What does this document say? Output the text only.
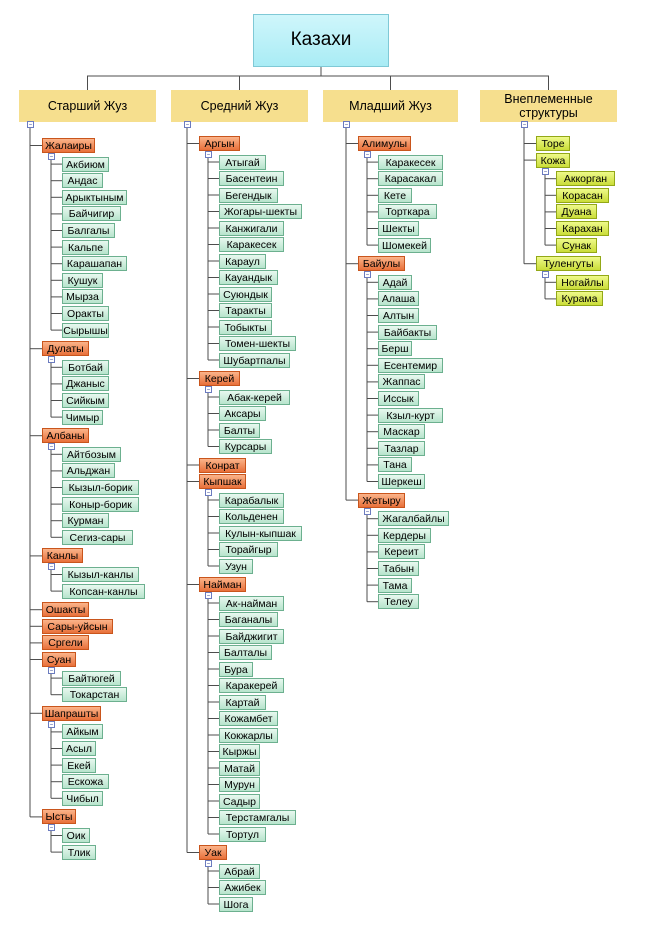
Казахи
Старший Жуз
–
Жалаиры
–
Акбиюм
Андас
Арыктыным
Байчигир
Балгалы
Кальпе
Карашапан
Кушук
Мырза
Оракты
Сырышы
Дулаты
–
Ботбай
Джаныс
Сийкым
Чимыр
Албаны
–
Айтбозым
Альджан
Кызыл-борик
Коныр-борик
Курман
Сегиз-сары
Канлы
–
Кызыл-канлы
Копсан-канлы
Ошакты
Сары-уйсын
Сргели
Суан
–
Байтюгей
Токарстан
Шапрашты
–
Айкым
Асыл
Екей
Ескожа
Чибыл
Ысты
–
Оик
Тлик
Средний Жуз
–
Аргын
–
Атыгай
Басентеин
Бегендык
Жогары-шекты
Канжигали
Каракесек
Караул
Кауандык
Суюндык
Таракты
Тобыкты
Томен-шекты
Шубартпалы
Керей
–
Абак-керей
Аксары
Балты
Курсары
Конрат
Кыпшак
–
Карабалык
Кольденен
Кулын-кыпшак
Торайгыр
Узун
Найман
–
Ак-найман
Баганалы
Байджигит
Балталы
Бура
Каракерей
Картай
Кожамбет
Кокжарлы
Кыржы
Матай
Мурун
Садыр
Терстамгалы
Тортул
Уак
–
Абрай
Ажибек
Шога
Младший Жуз
–
Алимулы
–
Каракесек
Карасакал
Кете
Торткара
Шекты
Шомекей
Байулы
–
Адай
Алаша
Алтын
Байбакты
Берш
Есентемир
Жаппас
Иссык
Кзыл-курт
Маскар
Тазлар
Тана
Шеркеш
Жетыру
–
Жагалбайлы
Кердеры
Кереит
Табын
Тама
Телеу
Внеплеменные структуры
–
Торе
Кожа
–
Аккорган
Корасан
Дуана
Карахан
Сунак
Туленгуты
–
Ногайлы
Курама
